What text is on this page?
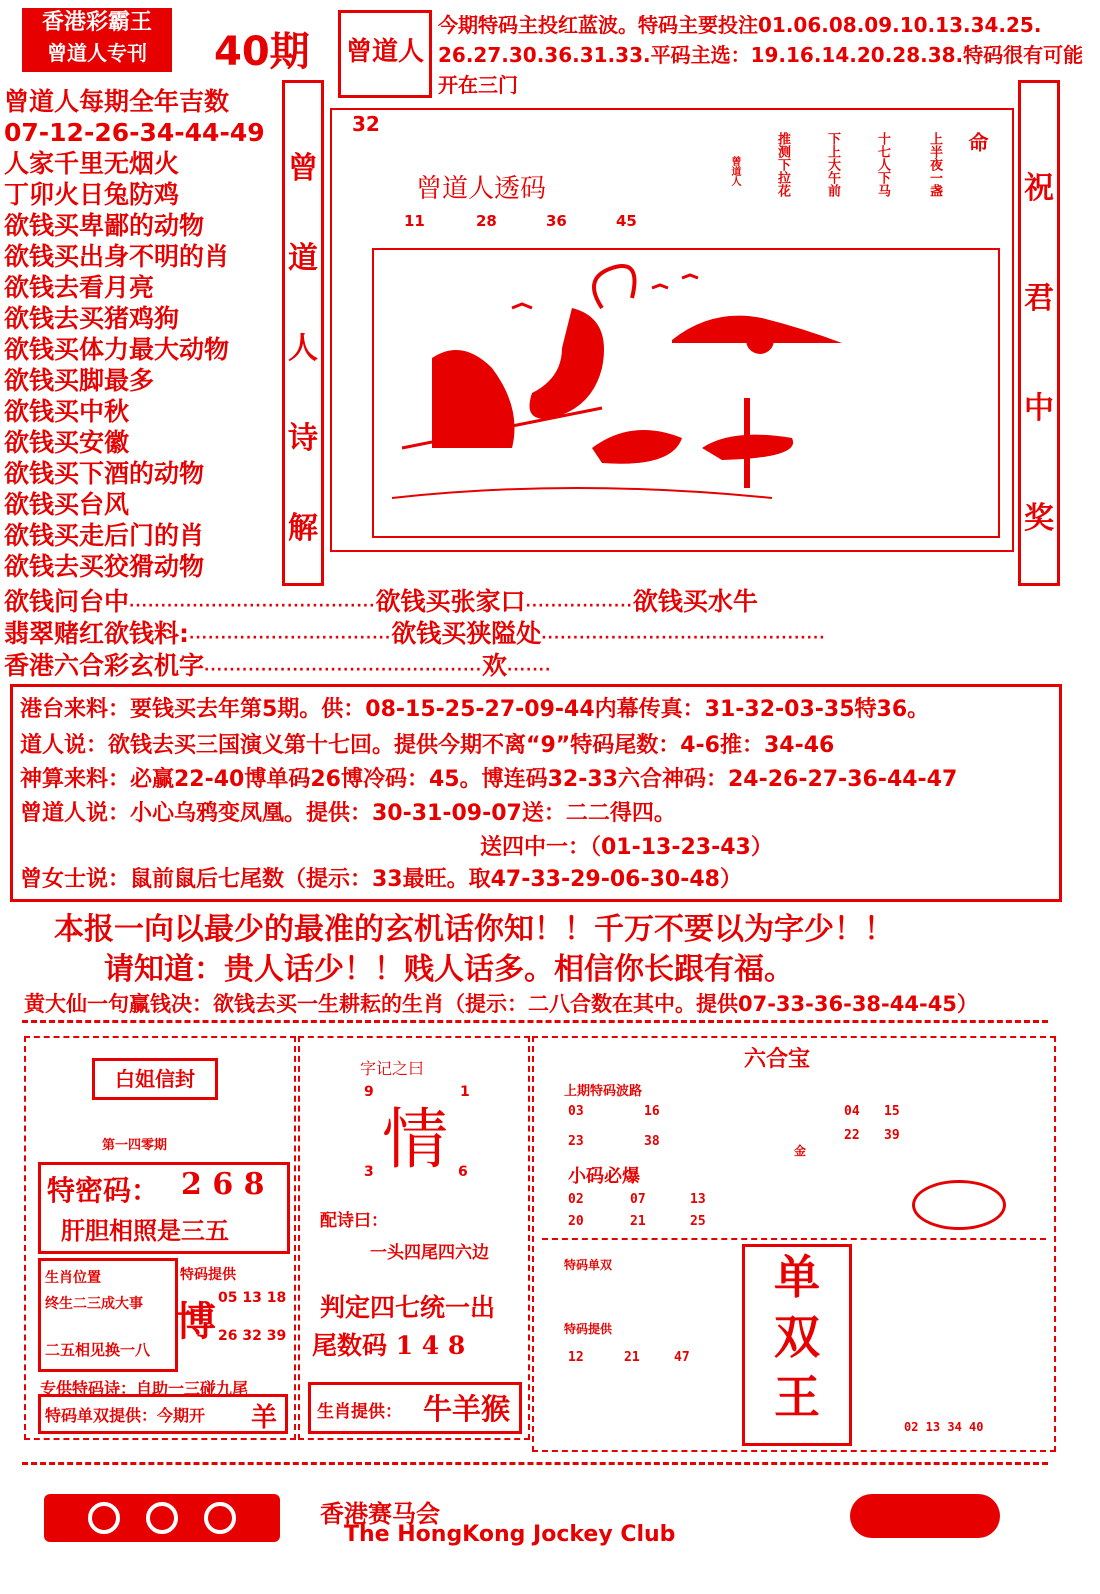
香港彩霸王
曾道人专刊	40期 曾道人
今期特码主投红蓝波。特码主要投注01.06.08.09.10.13.34.25.
26.27.30.36.31.33.平码主选：19.16.14.20.28.38.特码很有可能
开在三门
曾道人每期全年吉数
07-12-26-34-44-49
人家千里无烟火
丁卯火日兔防鸡
欲钱买卑鄙的动物
欲钱买出身不明的肖
欲钱去看月亮
欲钱去买猪鸡狗
欲钱买体力最大动物
欲钱买脚最多
欲钱买中秋
欲钱买安徽
欲钱买下酒的动物
欲钱买台风
欲钱买走后门的肖
欲钱去买狡猾动物
曾
道
人
诗
解
祝
君
中
奖
32
曾道人透码
11	28	36	45
命
上半夜一盏
十七人下马
下上大午前
推测下拉花
曾道人
欲钱问台中·······································欲钱买张家口·················欲钱买水牛
翡翠赌红欲钱料:································欲钱买狭隘处·············································
香港六合彩玄机字············································欢·······
港台来料：要钱买去年第5期。供：08-15-25-27-09-44内幕传真：31-32-03-35特36。
道人说：欲钱去买三国演义第十七回。提供今期不离“9”特码尾数：4-6推：34-46
神算来料：必赢22-40博单码26博冷码：45。博连码32-33六合神码：24-26-27-36-44-47
曾道人说：小心乌鸦变凤凰。提供：30-31-09-07送：二二得四。
送四中一：（01-13-23-43）
曾女士说：鼠前鼠后七尾数（提示：33最旺。取47-33-29-06-30-48）
本报一向以最少的最准的玄机话你知！！千万不要以为字少！！
请知道：贵人话少！！贱人话多。相信你长跟有福。
黄大仙一句赢钱决：欲钱去买一生耕耘的生肖（提示：二八合数在其中。提供07-33-36-38-44-45）
白姐信封
第一四零期
特密码： 2 6 8
肝胆相照是三五
生肖位置
终生二三成大事
二五相见换一八
特码提供
博
05 13 18
26 32 39
专供特码诗：自助一三碰九尾
特码单双提供：今期开 羊
字记之曰
9	1
情
3	6
配诗曰：
一头四尾四六边
判定四七统一出
尾数码 1 4 8
生肖提供： 牛羊猴
六合宝
上期特码波路
03	16
23	38
04 15
22 39
金
小码必爆
02	07	13
20	21	25
特码单双
特码提供
12	21	47
单
双
王
02 13 34 40
香港赛马会
The HongKong Jockey Club
